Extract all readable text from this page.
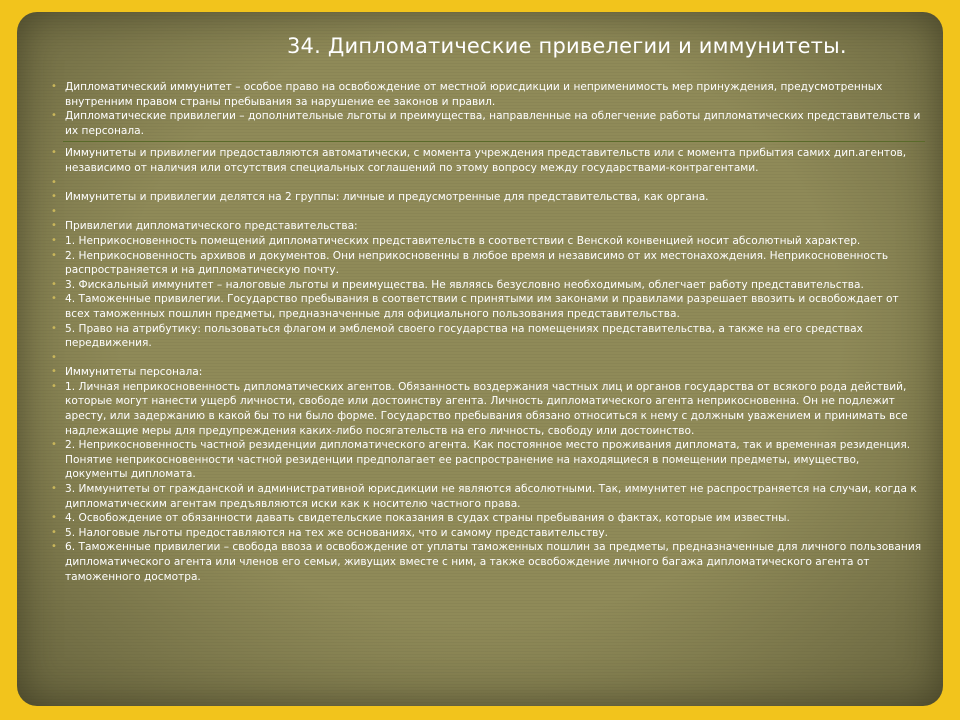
34. Дипломатические привелегии и иммунитеты.
• Дипломатический иммунитет – особое право на освобождение от местной юрисдикции и неприменимость мер принуждения, предусмотренных внутренним правом страны пребывания за нарушение ее законов и правил.
• Дипломатические привилегии – дополнительные льготы и преимущества, направленные на облегчение работы дипломатических представительств и их персонала.
• Иммунитеты и привилегии предоставляются автоматически, с момента учреждения представительств или с момента прибытия самих дип.агентов, независимо от наличия или отсутствия специальных соглашений по этому вопросу между государствами-контрагентами.
•
• Иммунитеты и привилегии делятся на 2 группы: личные и предусмотренные для представительства, как органа.
•
• Привилегии дипломатического представительства:
• 1. Неприкосновенность помещений дипломатических представительств в соответствии с Венской конвенцией носит абсолютный характер.
• 2. Неприкосновенность архивов и документов. Они неприкосновенны в любое время и независимо от их местонахождения. Неприкосновенность распространяется и на дипломатическую почту.
• 3. Фискальный иммунитет – налоговые льготы и преимущества. Не являясь безусловно необходимым, облегчает работу представительства.
• 4. Таможенные привилегии. Государство пребывания в соответствии с принятыми им законами и правилами разрешает ввозить и освобождает от всех таможенных пошлин предметы, предназначенные для официального пользования представительства.
• 5. Право на атрибутику: пользоваться флагом и эмблемой своего государства на помещениях представительства, а также на его средствах передвижения.
•
• Иммунитеты персонала:
• 1. Личная неприкосновенность дипломатических агентов. Обязанность воздержания частных лиц и органов государства от всякого рода действий, которые могут нанести ущерб личности, свободе или достоинству агента. Личность дипломатического агента неприкосновенна. Он не подлежит аресту, или задержанию в какой бы то ни было форме. Государство пребывания обязано относиться к нему с должным уважением и принимать все надлежащие меры для предупреждения каких-либо посягательств на его личность, свободу или достоинство.
• 2. Неприкосновенность частной резиденции дипломатического агента. Как постоянное место проживания дипломата, так и временная резиденция. Понятие неприкосновенности частной резиденции предполагает ее распространение на находящиеся в помещении предметы, имущество, документы дипломата.
• 3. Иммунитеты от гражданской и административной юрисдикции не являются абсолютными. Так, иммунитет не распространяется на случаи, когда к дипломатическим агентам предъявляются иски как к носителю частного права.
• 4. Освобождение от обязанности давать свидетельские показания в судах страны пребывания о фактах, которые им известны.
• 5. Налоговые льготы предоставляются на тех же основаниях, что и самому представительству.
• 6. Таможенные привилегии – свобода ввоза и освобождение от уплаты таможенных пошлин за предметы, предназначенные для личного пользования дипломатического агента или членов его семьи, живущих вместе с ним, а также освобождение личного багажа дипломатического агента от таможенного досмотра.
